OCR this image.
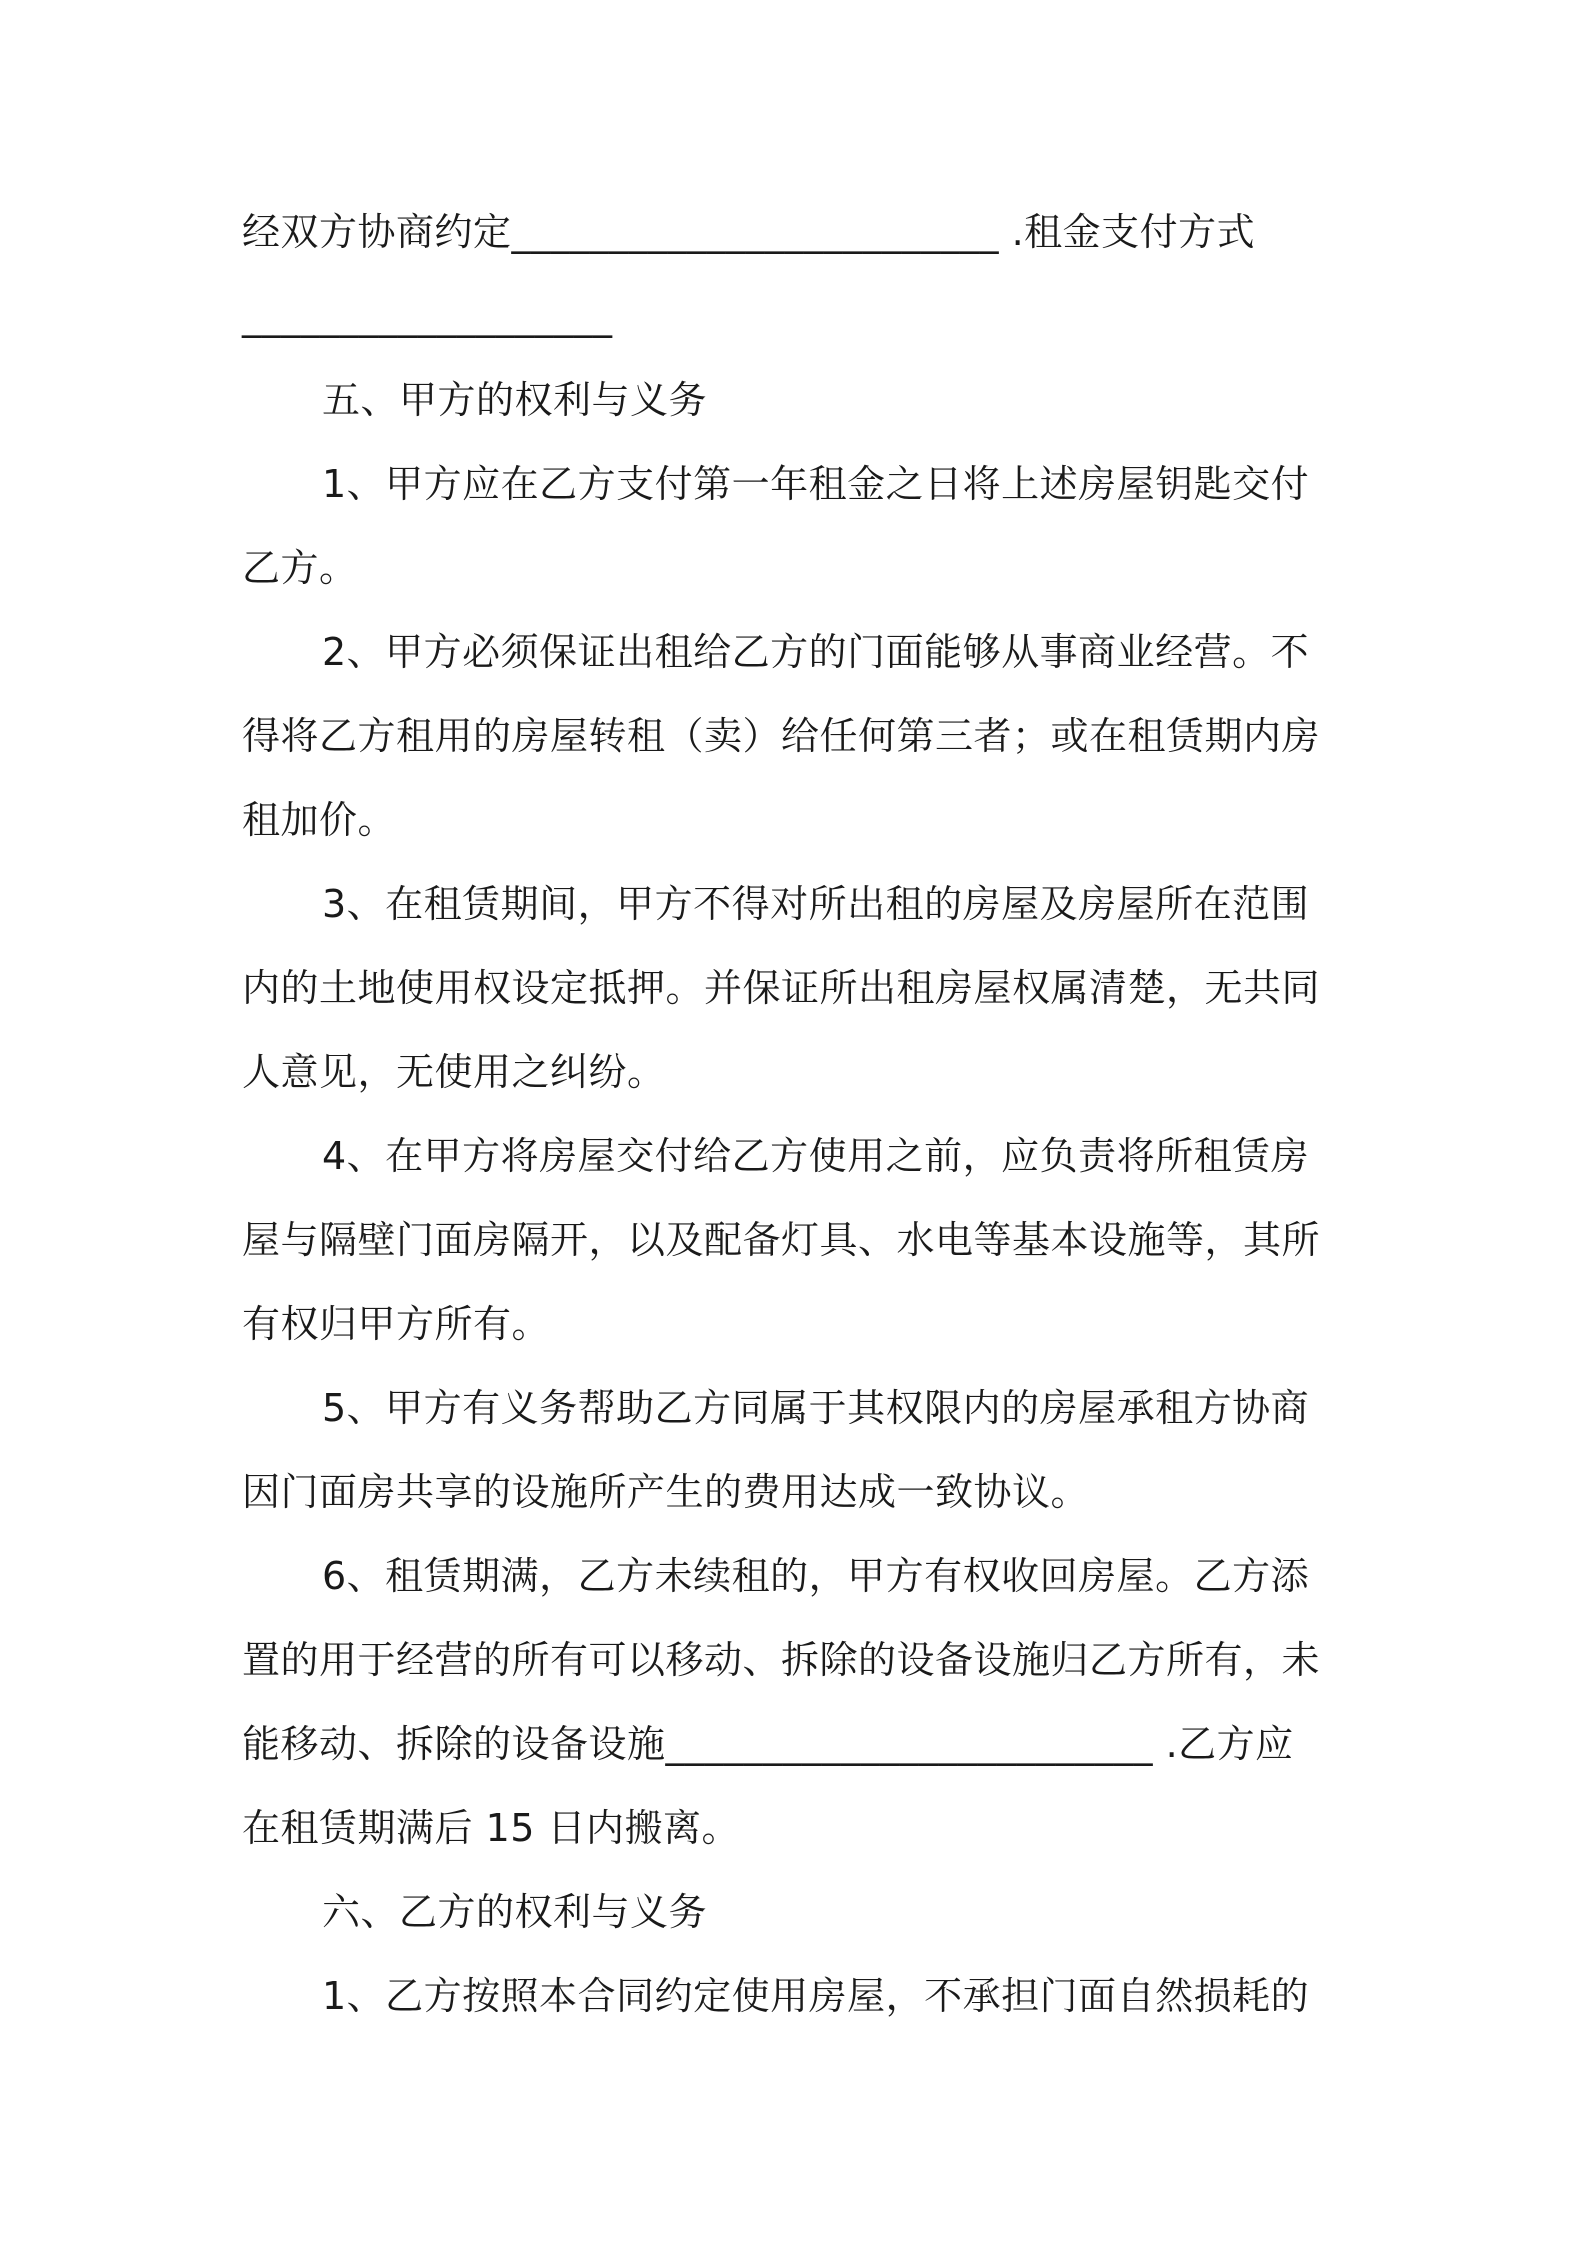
经双方协商约定_________________________ .租金支付方式

___________________

五、甲方的权利与义务

1、甲方应在乙方支付第一年租金之日将上述房屋钥匙交付

乙方。

2、甲方必须保证出租给乙方的门面能够从事商业经营。不

得将乙方租用的房屋转租（卖）给任何第三者；或在租赁期内房

租加价。

3、在租赁期间，甲方不得对所出租的房屋及房屋所在范围

内的土地使用权设定抵押。并保证所出租房屋权属清楚，无共同

人意见，无使用之纠纷。

4、在甲方将房屋交付给乙方使用之前，应负责将所租赁房

屋与隔壁门面房隔开，以及配备灯具、水电等基本设施等，其所

有权归甲方所有。

5、甲方有义务帮助乙方同属于其权限内的房屋承租方协商

因门面房共享的设施所产生的费用达成一致协议。

6、租赁期满，乙方未续租的，甲方有权收回房屋。乙方添

置的用于经营的所有可以移动、拆除的设备设施归乙方所有，未

能移动、拆除的设备设施_________________________ .乙方应

在租赁期满后 15 日内搬离。

六、乙方的权利与义务

1、乙方按照本合同约定使用房屋，不承担门面自然损耗的
